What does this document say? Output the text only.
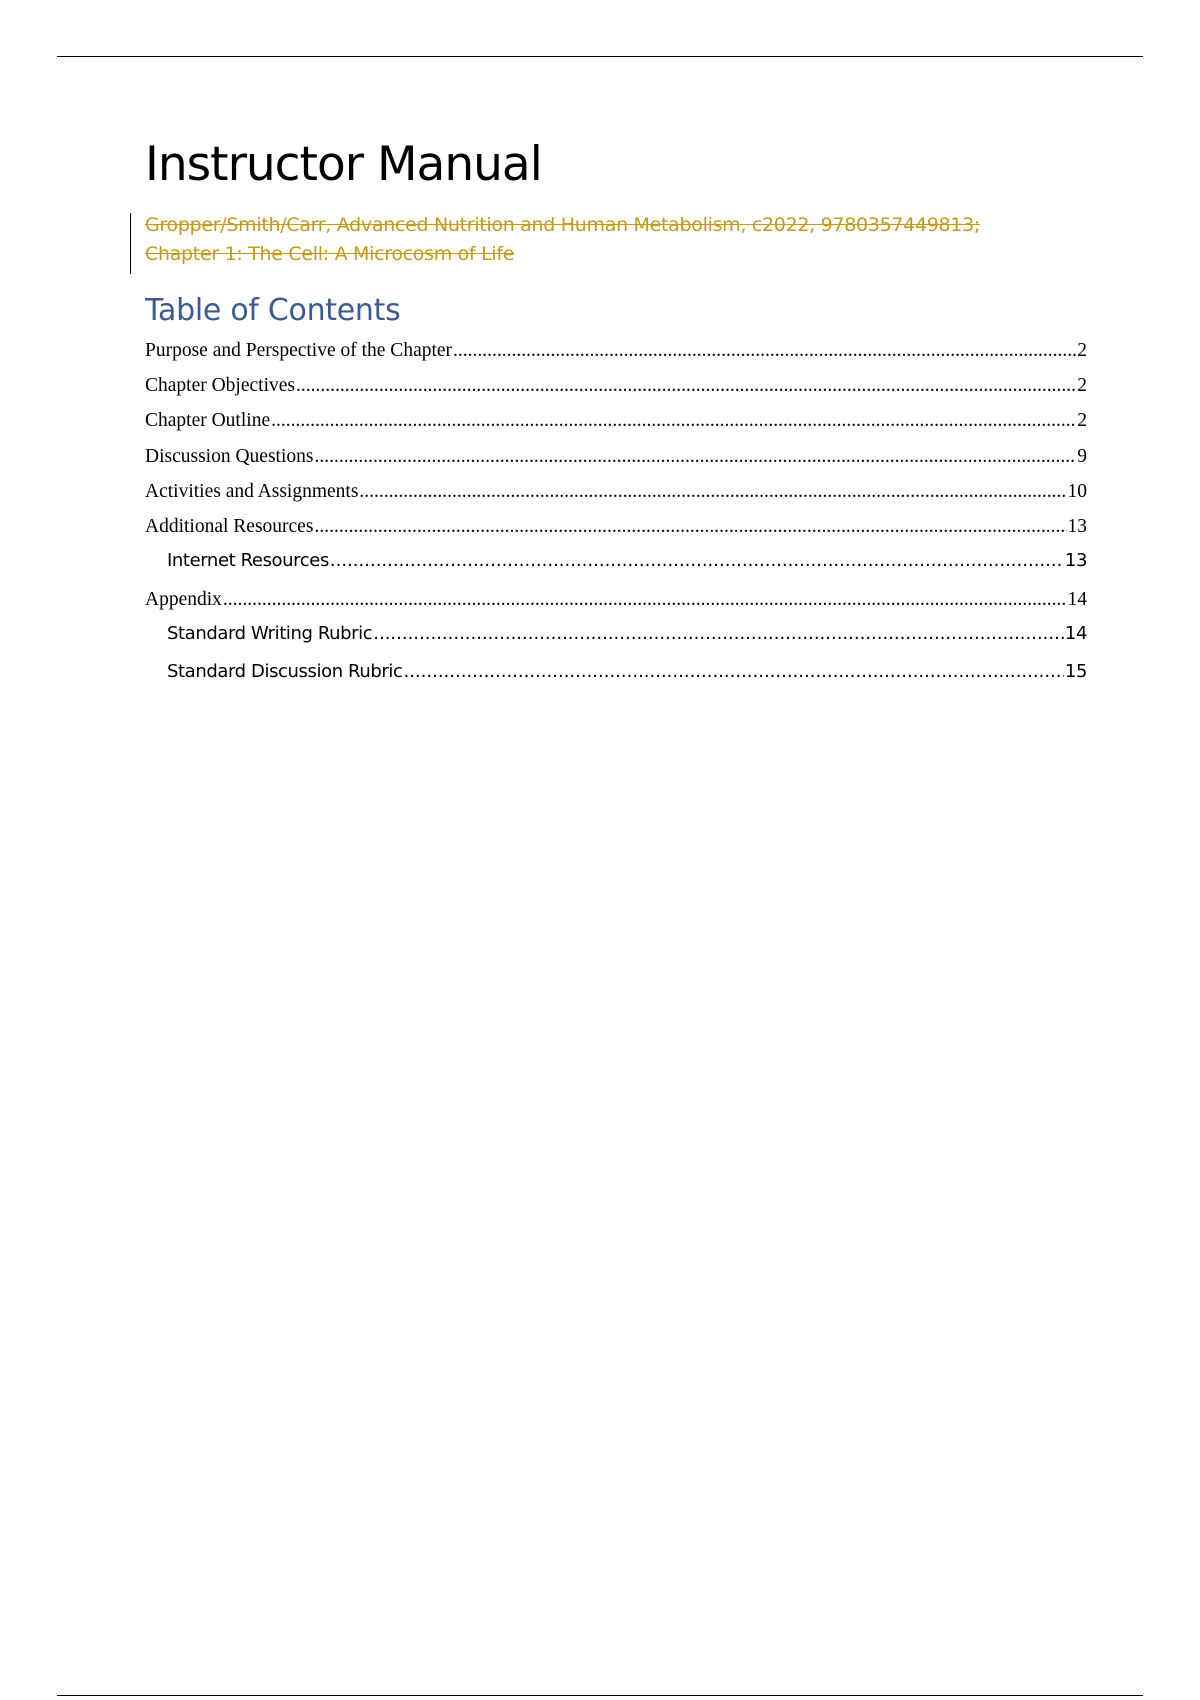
Instructor Manual
Gropper/Smith/Carr, Advanced Nutrition and Human Metabolism, c2022, 9780357449813;
Chapter 1: The Cell: A Microcosm of Life
Table of Contents
Purpose and Perspective of the Chapter .....	2
Chapter Objectives .....	2
Chapter Outline .....	2
Discussion Questions .....	9
Activities and Assignments .....	10
Additional Resources .....	13
Internet Resources .....	13
Appendix .....	14
Standard Writing Rubric .....	14
Standard Discussion Rubric .....	15
